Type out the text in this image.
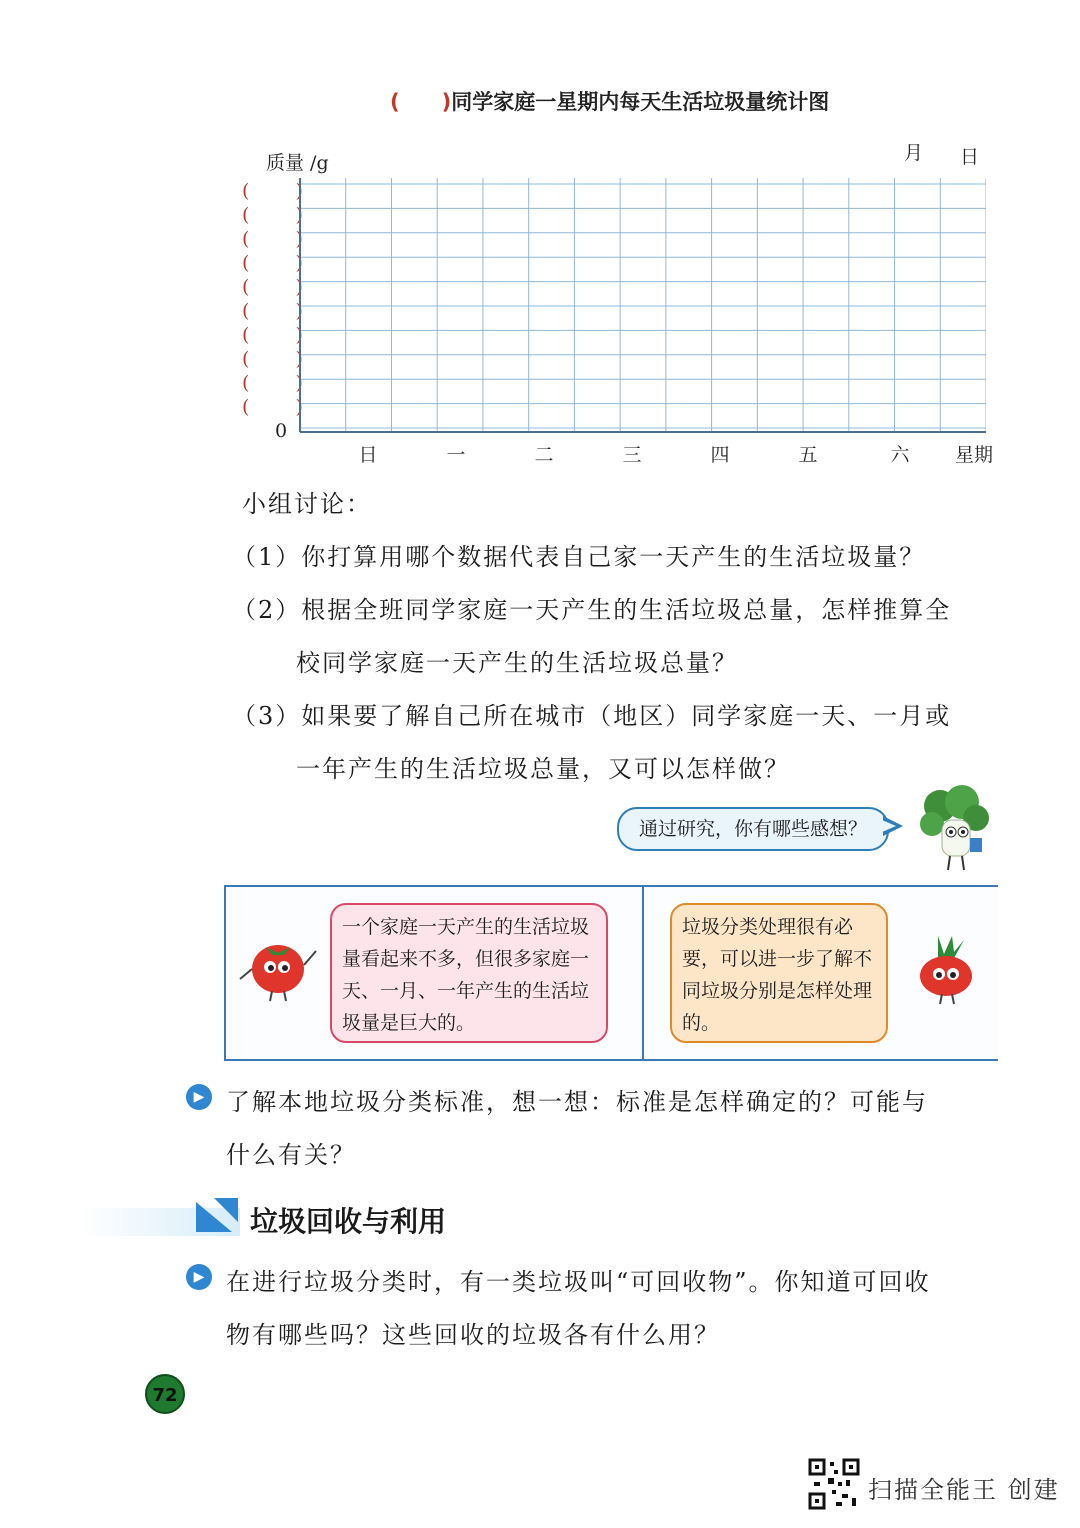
(　　)同学家庭一星期内每天生活垃圾量统计图
质量 /g	月 日
( )
( )
( )
( )
( )
( )
( )
( )
( )
( )
0
日	一	二	三	四	五	六	星期
小组讨论：
（1）你打算用哪个数据代表自己家一天产生的生活垃圾量？
（2）根据全班同学家庭一天产生的生活垃圾总量，怎样推算全
校同学家庭一天产生的生活垃圾总量？
（3）如果要了解自己所在城市（地区）同学家庭一天、一月或
一年产生的生活垃圾总量，又可以怎样做？
通过研究，你有哪些感想？
一个家庭一天产生的生活垃圾量看起来不多，但很多家庭一天、一月、一年产生的生活垃圾量是巨大的。
垃圾分类处理很有必要，可以进一步了解不同垃圾分别是怎样处理的。
▶ 了解本地垃圾分类标准，想一想：标准是怎样确定的？可能与
什么有关？
垃圾回收与利用
▶ 在进行垃圾分类时，有一类垃圾叫“可回收物”。你知道可回收
物有哪些吗？这些回收的垃圾各有什么用？
72
扫描全能王 创建
